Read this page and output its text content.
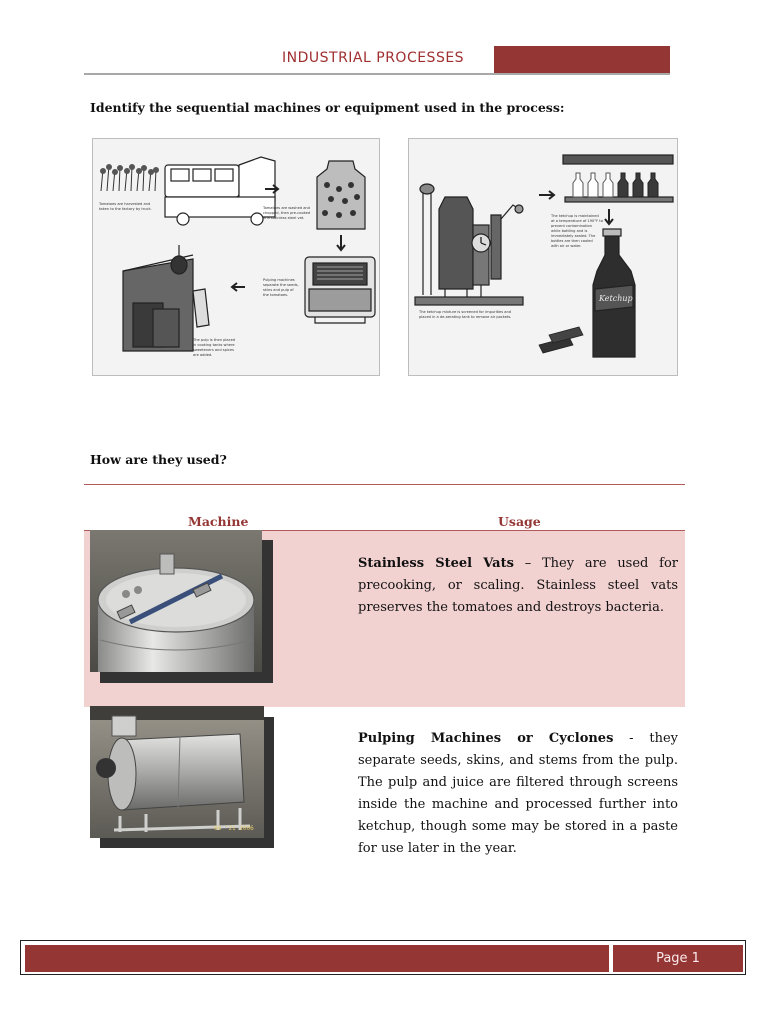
INDUSTRIAL PROCESSES
Identify the sequential machines or equipment used in the process:
Tomatoes are harvested and
taken to the factory by truck.	Tomatoes are washed and
chopped, then pre-cooked
in a stainless steel vat.
Pulping machines
separate the seeds,
skins and pulp of
the tomatoes.
The pulp is then placed
in cooking tanks where
sweeteners and spices
are added.
The ketchup is maintained
at a temperature of 190°F to
prevent contamination
while bottling and is
immediately sealed. The
bottles are then cooled
with air or water.
Ketchup
The ketchup mixture is screened for impurities and
placed in a de-aerating tank to remove air pockets.
How are they used?
Machine	Usage
Stainless Steel Vats – They are used for precooking, or scaling. Stainless steel vats preserves the tomatoes and destroys bacteria.
06 '21 2006
Pulping Machines or Cyclones - they separate seeds, skins, and stems from the pulp. The pulp and juice are filtered through screens inside the machine and processed further into ketchup, though some may be stored in a paste for use later in the year.
Page 1
